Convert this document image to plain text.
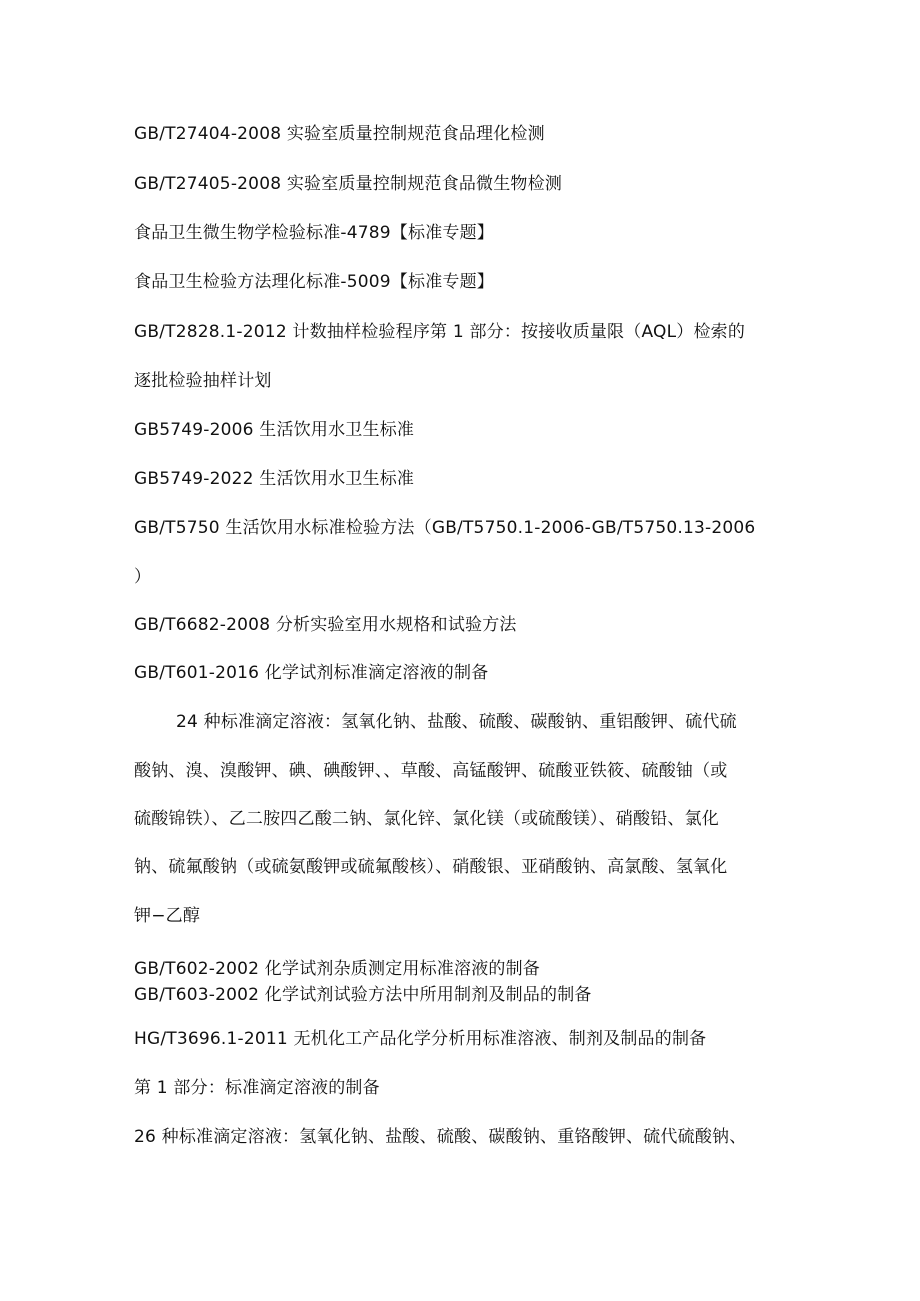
GB/T27404-2008 实验室质量控制规范食品理化检测
GB/T27405-2008 实验室质量控制规范食品微生物检测
食品卫生微生物学检验标准-4789【标准专题】
食品卫生检验方法理化标准-5009【标准专题】
GB/T2828.1-2012 计数抽样检验程序第 1 部分：按接收质量限（AQL）检索的
逐批检验抽样计划
GB5749-2006 生活饮用水卫生标准
GB5749-2022 生活饮用水卫生标准
GB/T5750 生活饮用水标准检验方法（GB/T5750.1-2006-GB∕T5750.13-2006
）
GB/T6682-2008 分析实验室用水规格和试验方法
GB/T601-2016 化学试剂标准滴定溶液的制备
24 种标准滴定溶液：氢氧化钠、盐酸、硫酸、碳酸钠、重铝酸钾、硫代硫
酸钠、溴、溴酸钾、碘、碘酸钾、、草酸、高锰酸钾、硫酸亚铁筱、硫酸铀（或
硫酸锦铁）、乙二胺四乙酸二钠、氯化锌、氯化镁（或硫酸镁）、硝酸铅、氯化
钠、硫氟酸钠（或硫氨酸钾或硫氟酸核）、硝酸银、亚硝酸钠、高氯酸、氢氧化
钾−乙醇
GB/T602-2002 化学试剂杂质测定用标准溶液的制备
GB/T603-2002 化学试剂试验方法中所用制剂及制品的制备
HG/T3696.1-2011 无机化工产品化学分析用标准溶液、制剂及制品的制备
第 1 部分：标准滴定溶液的制备
26 种标准滴定溶液：氢氧化钠、盐酸、硫酸、碳酸钠、重铬酸钾、硫代硫酸钠、
